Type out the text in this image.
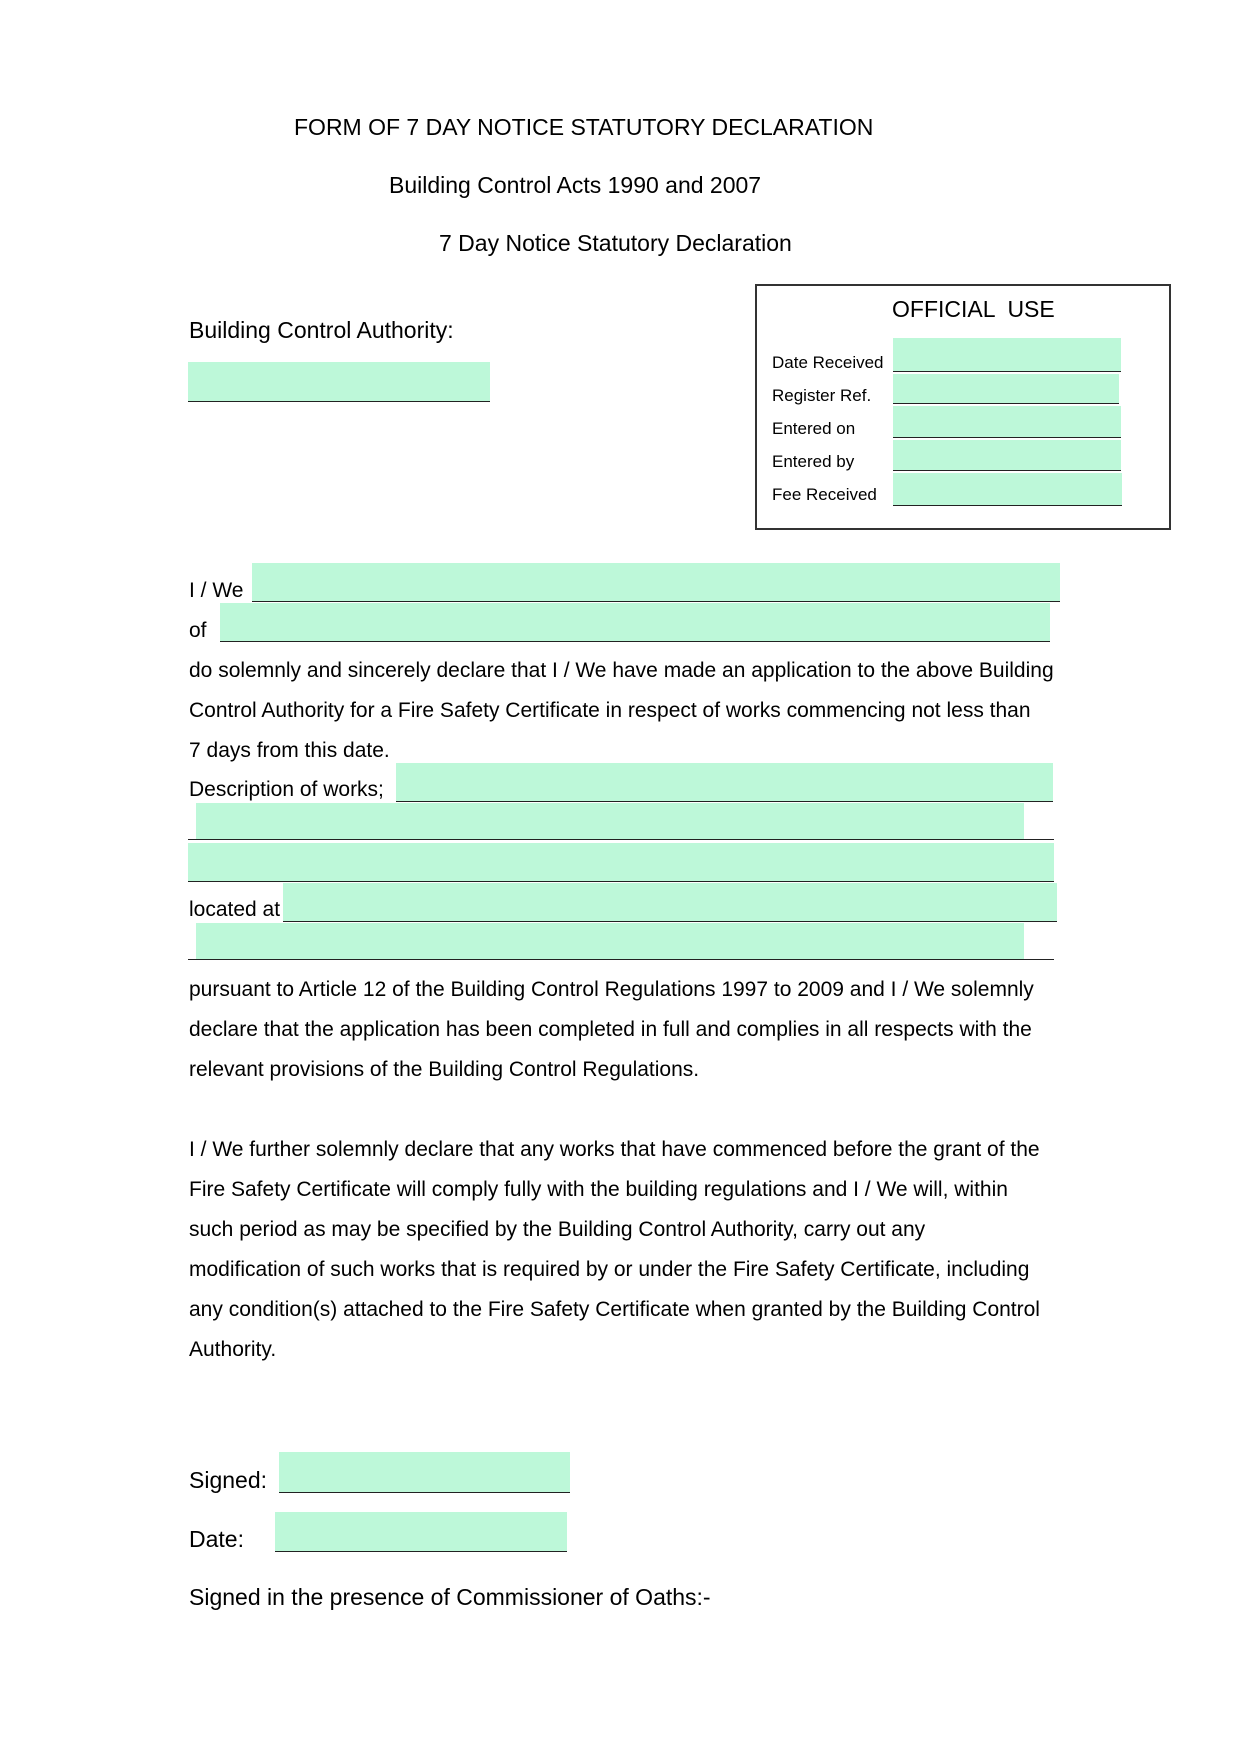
FORM OF 7 DAY NOTICE STATUTORY DECLARATION
Building Control Acts 1990 and 2007
7 Day Notice Statutory Declaration
Building Control Authority:
OFFICIAL  USE
Date Received
Register Ref.
Entered on
Entered by
Fee Received
I / We
of
do solemnly and sincerely declare that I / We have made an application to the above Building
Control Authority for a Fire Safety Certificate in respect of works commencing not less than
7 days from this date.
Description of works;
located at
pursuant to Article 12 of the Building Control Regulations 1997 to 2009 and I / We solemnly
declare that the application has been completed in full and complies in all respects with the
relevant provisions of the Building Control Regulations.
I / We further solemnly declare that any works that have commenced before the grant of the
Fire Safety Certificate will comply fully with the building regulations and I / We will, within
such period as may be specified by the Building Control Authority, carry out any
modification of such works that is required by or under the Fire Safety Certificate, including
any condition(s) attached to the Fire Safety Certificate when granted by the Building Control
Authority.
Signed:
Date:
Signed in the presence of Commissioner of Oaths:-
